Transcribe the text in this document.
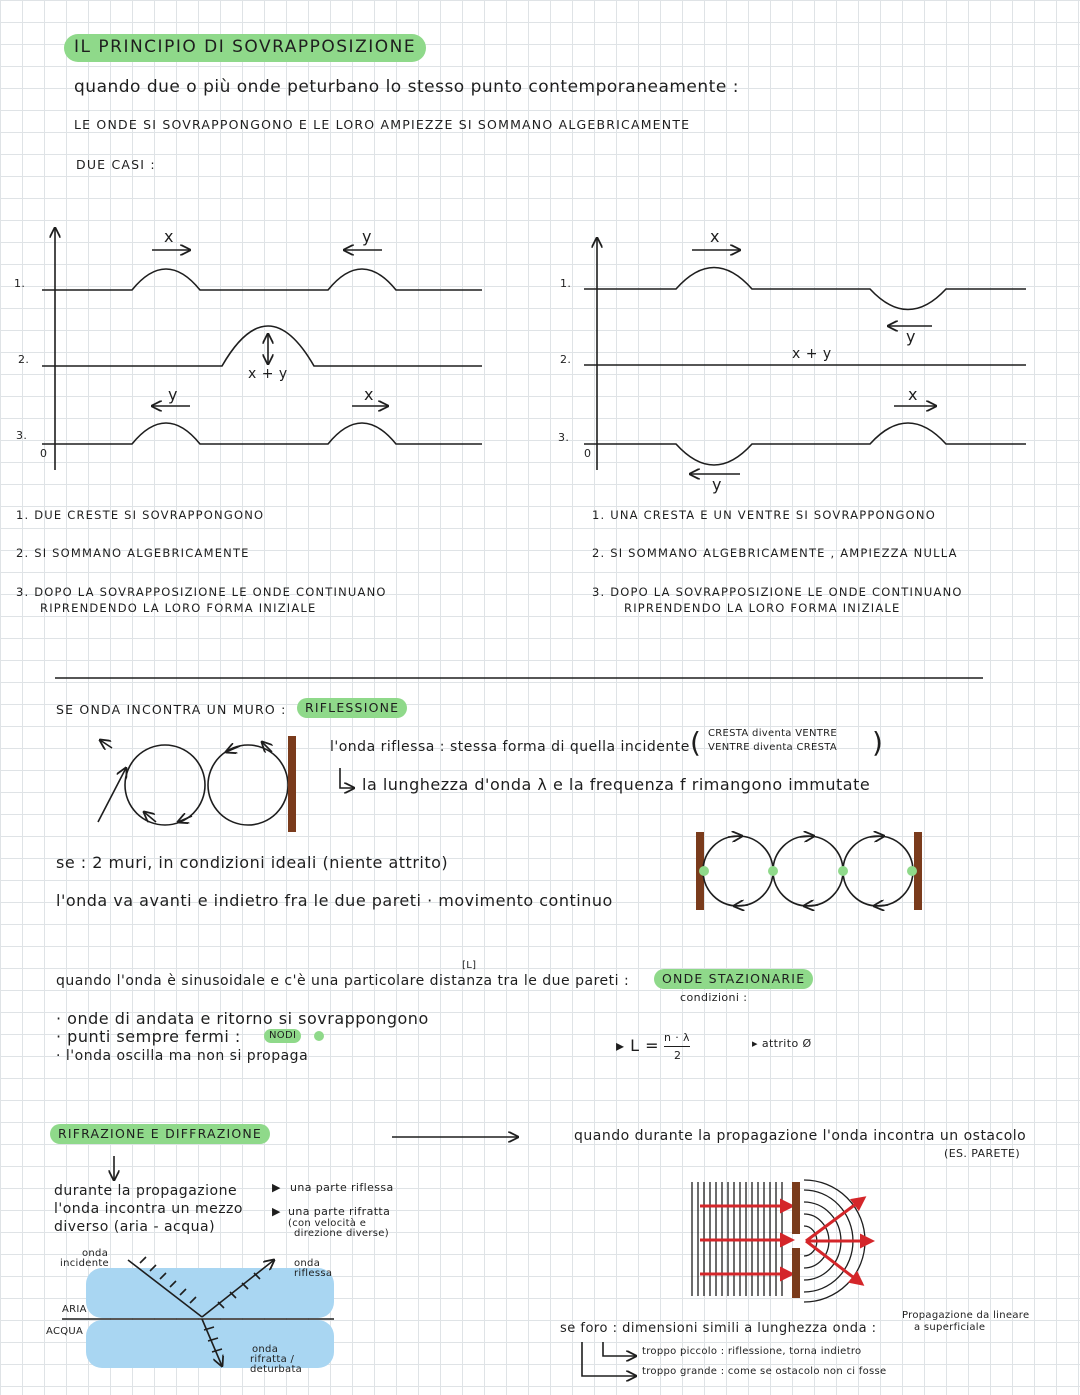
IL PRINCIPIO DI SOVRAPPOSIZIONE
quando due o più onde peturbano lo stesso punto contemporaneamente :
LE ONDE SI SOVRAPPONGONO E LE LORO AMPIEZZE SI SOMMANO ALGEBRICAMENTE
DUE CASI :
1.
2.
3.
0
x	y
x + y
y	x
1.
2.
3.
0
x
y
x + y
x
y
1. DUE CRESTE SI SOVRAPPONGONO
2. SI SOMMANO ALGEBRICAMENTE
3. DOPO LA SOVRAPPOSIZIONE LE ONDE CONTINUANO
RIPRENDENDO LA LORO FORMA INIZIALE
1. UNA CRESTA E UN VENTRE SI SOVRAPPONGONO
2. SI SOMMANO ALGEBRICAMENTE , AMPIEZZA NULLA
3. DOPO LA SOVRAPPOSIZIONE LE ONDE CONTINUANO
RIPRENDENDO LA LORO FORMA INIZIALE
SE ONDA INCONTRA UN MURO :	RIFLESSIONE
l'onda riflessa : stessa forma di quella incidente ( CRESTA diventa VENTRE
VENTRE diventa CRESTA )
la lunghezza d'onda λ e la frequenza f rimangono immutate
se : 2 muri, in condizioni ideali (niente attrito)
l'onda va avanti e indietro fra le due pareti · movimento continuo
[L]
quando l'onda è sinusoidale e c'è una particolare distanza tra le due pareti :	ONDE STAZIONARIE
condizioni :
· onde di andata e ritorno si sovrappongono
· punti sempre fermi :	NODI
· l'onda oscilla ma non si propaga
▸ L = n · λ
2
▸ attrito Ø
RIFRAZIONE E DIFFRAZIONE
durante la propagazione
l'onda incontra un mezzo
diverso (aria - acqua)
▶ una parte riflessa
▶ una parte rifratta
(con velocità e
direzione diverse)
onda
incidente	onda
riflessa
ARIA
ACQUA
onda
rifratta /
deturbata
quando durante la propagazione l'onda incontra un ostacolo
(ES. PARETE)
se foro : dimensioni simili a lunghezza onda :
Propagazione da lineare
a superficiale
troppo piccolo : riflessione, torna indietro
troppo grande : come se ostacolo non ci fosse
